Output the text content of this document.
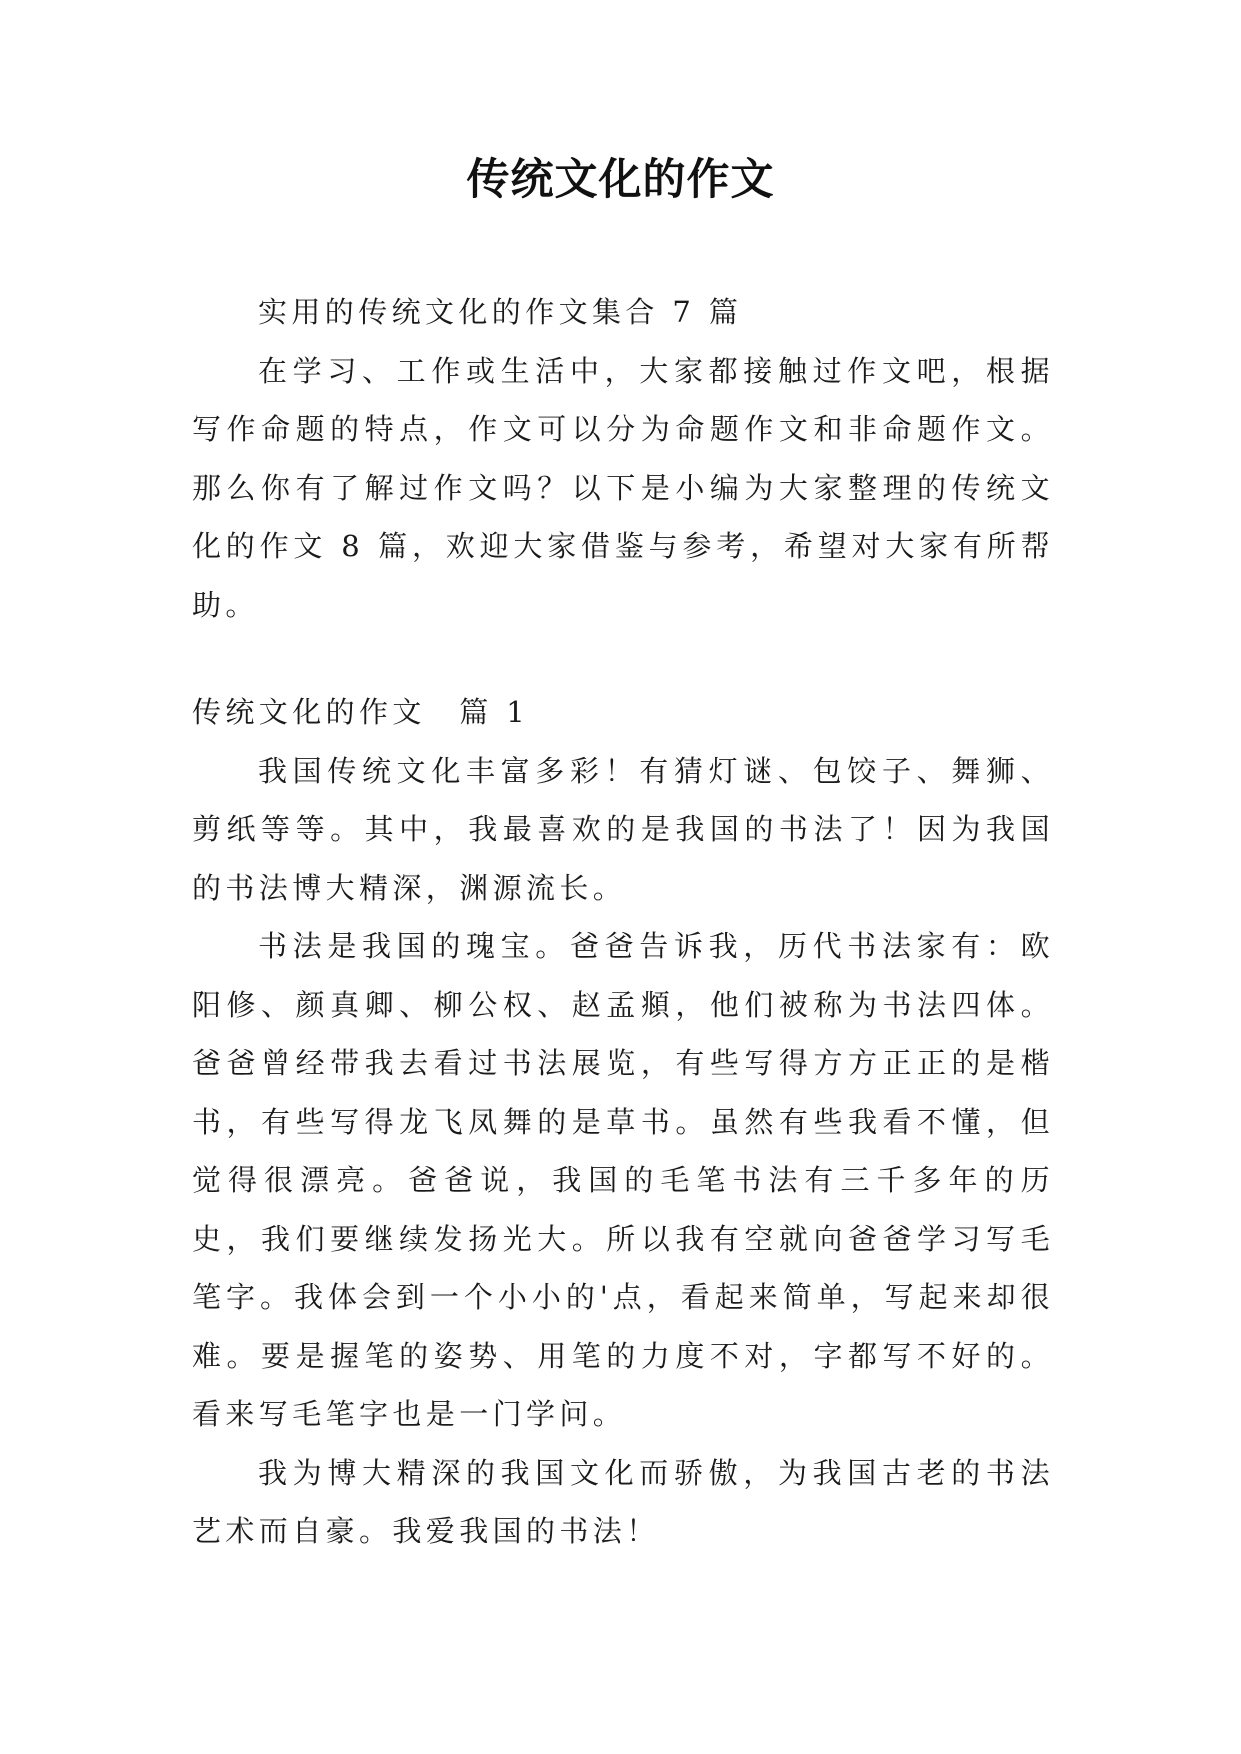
传统文化的作文

实用的传统文化的作文集合 7 篇

在学习、工作或生活中，大家都接触过作文吧，根据写作命题的特点，作文可以分为命题作文和非命题作文。那么你有了解过作文吗？以下是小编为大家整理的传统文化的作文 8 篇，欢迎大家借鉴与参考，希望对大家有所帮助。

传统文化的作文　篇 1

我国传统文化丰富多彩！有猜灯谜、包饺子、舞狮、剪纸等等。其中，我最喜欢的是我国的书法了！因为我国的书法博大精深，渊源流长。

书法是我国的瑰宝。爸爸告诉我，历代书法家有：欧阳修、颜真卿、柳公权、赵孟頫，他们被称为书法四体。爸爸曾经带我去看过书法展览，有些写得方方正正的是楷书，有些写得龙飞凤舞的是草书。虽然有些我看不懂，但觉得很漂亮。爸爸说，我国的毛笔书法有三千多年的历史，我们要继续发扬光大。所以我有空就向爸爸学习写毛笔字。我体会到一个小小的'点，看起来简单，写起来却很难。要是握笔的姿势、用笔的力度不对，字都写不好的。看来写毛笔字也是一门学问。

我为博大精深的我国文化而骄傲，为我国古老的书法艺术而自豪。我爱我国的书法！
